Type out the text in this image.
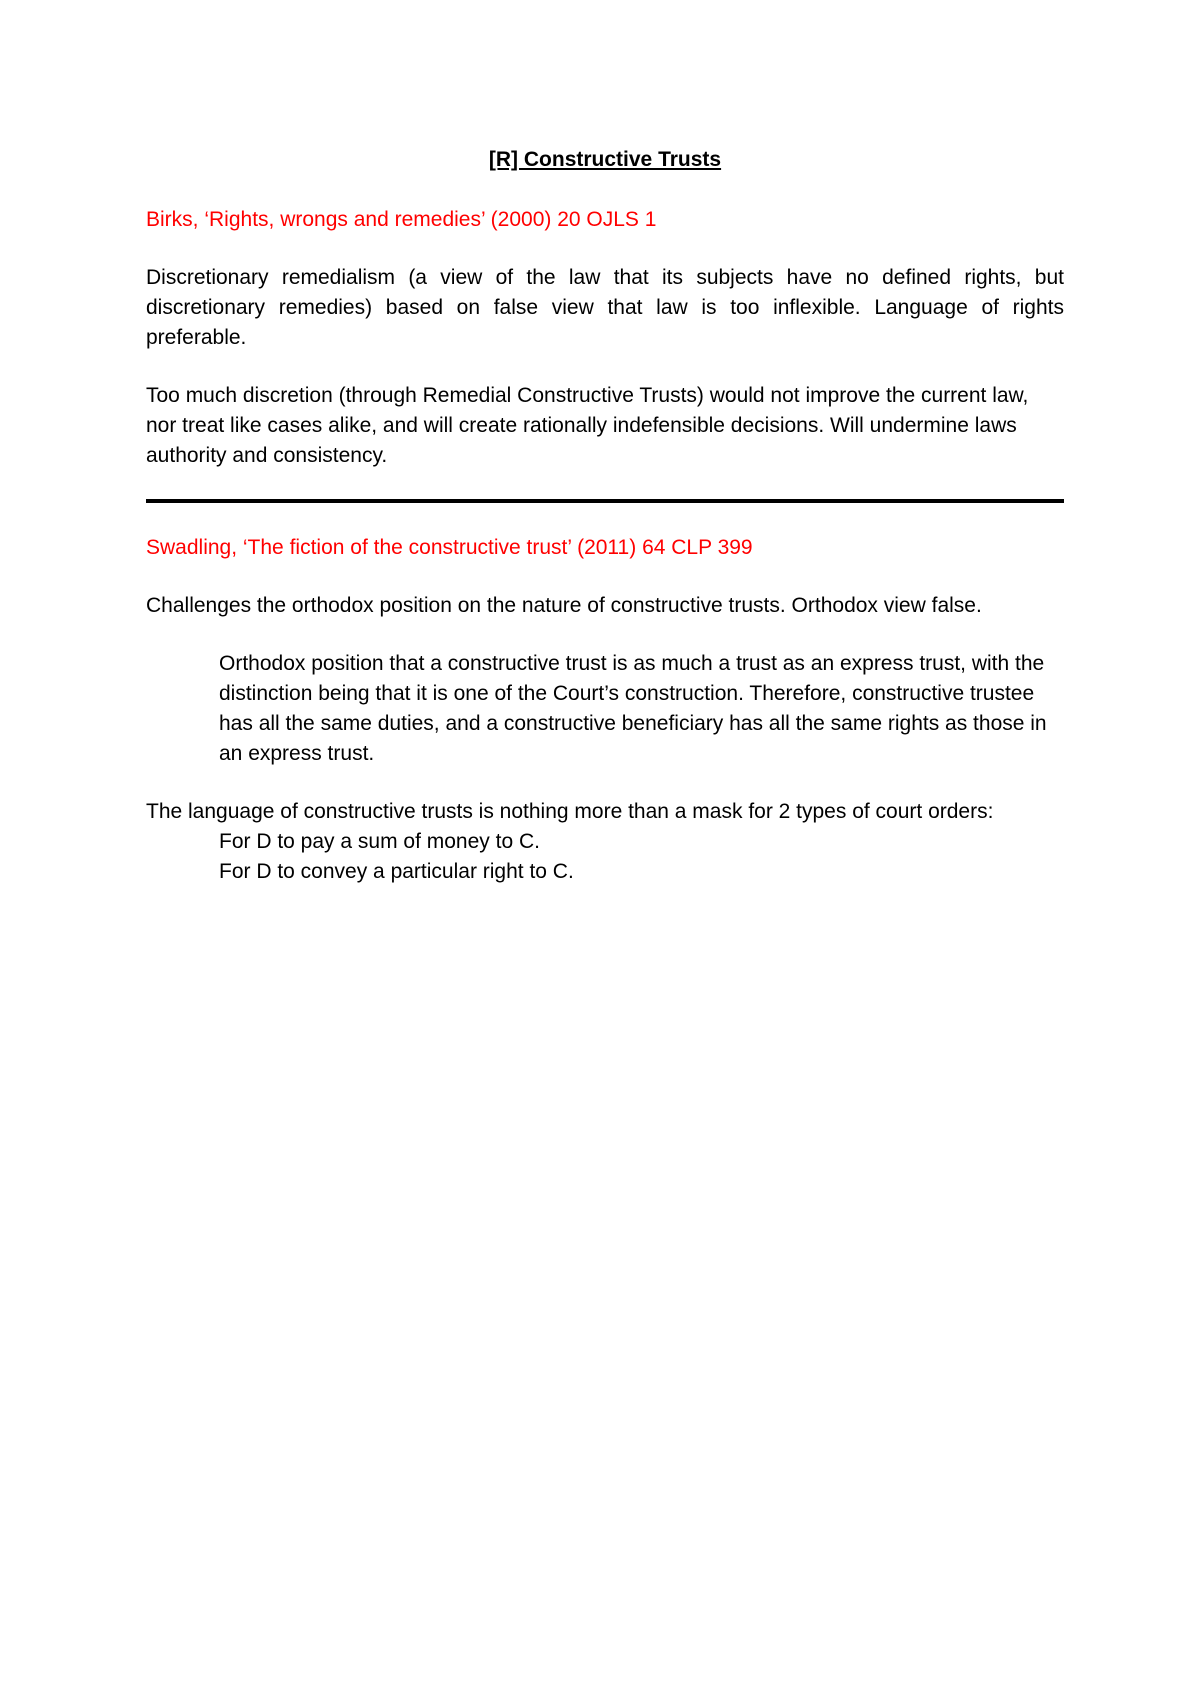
[R] Constructive Trusts
Birks, ‘Rights, wrongs and remedies’ (2000) 20 OJLS 1
Discretionary remedialism (a view of the law that its subjects have no defined rights, but discretionary remedies) based on false view that law is too inflexible. Language of rights preferable.
Too much discretion (through Remedial Constructive Trusts) would not improve the current law, nor treat like cases alike, and will create rationally indefensible decisions. Will undermine laws authority and consistency.
Swadling, ‘The fiction of the constructive trust’ (2011) 64 CLP 399
Challenges the orthodox position on the nature of constructive trusts. Orthodox view false.
Orthodox position that a constructive trust is as much a trust as an express trust, with the distinction being that it is one of the Court’s construction. Therefore, constructive trustee has all the same duties, and a constructive beneficiary has all the same rights as those in an express trust.
The language of constructive trusts is nothing more than a mask for 2 types of court orders:
For D to pay a sum of money to C.
For D to convey a particular right to C.
